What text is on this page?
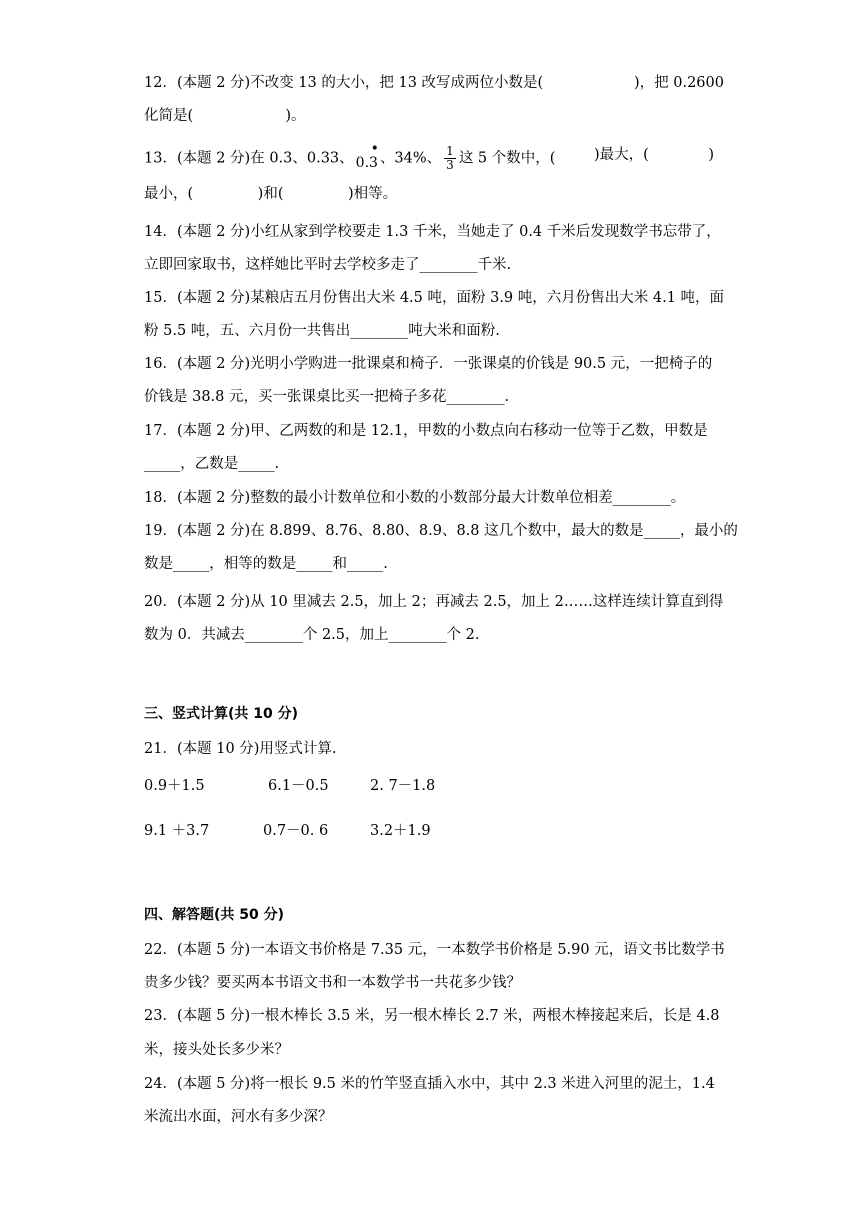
12．(本题 2 分)不改变 13 的大小，把 13 改写成两位小数是(	)，把 0.2600
化简是(                    )。
13．(本题 2 分)在 0.3、0.33、 0.3
•
、34%、 $\frac{1}{3}$ 这 5 个数中，(	)最大，(	)
最小，(              )和(              )相等。
14．(本题 2 分)小红从家到学校要走 1.3 千米，当她走了 0.4 千米后发现数学书忘带了，
立即回家取书，这样她比平时去学校多走了________千米.
15．(本题 2 分)某粮店五月份售出大米 4.5 吨，面粉 3.9 吨，六月份售出大米 4.1 吨，面
粉 5.5 吨，五、六月份一共售出________吨大米和面粉.
16．(本题 2 分)光明小学购进一批课桌和椅子．一张课桌的价钱是 90.5 元，一把椅子的
价钱是 38.8 元，买一张课桌比买一把椅子多花________.
17．(本题 2 分)甲、乙两数的和是 12.1，甲数的小数点向右移动一位等于乙数，甲数是
_____，乙数是_____.
18．(本题 2 分)整数的最小计数单位和小数的小数部分最大计数单位相差________。
19．(本题 2 分)在 8.899、8.76、8.80、8.9、8.8 这几个数中，最大的数是_____，最小的
数是_____，相等的数是_____和_____.
20．(本题 2 分)从 10 里减去 2.5，加上 2；再减去 2.5，加上 2……这样连续计算直到得
数为 0．共减去________个 2.5，加上________个 2.
三、竖式计算(共 10 分)
21．(本题 10 分)用竖式计算.
0.9＋1.5	6.1－0.5	2. 7－1.8
9.1 ＋3.7	0.7－0. 6	3.2＋1.9
四、解答题(共 50 分)
22．(本题 5 分)一本语文书价格是 7.35 元，一本数学书价格是 5.90 元，语文书比数学书
贵多少钱？要买两本书语文书和一本数学书一共花多少钱？
23．(本题 5 分)一根木棒长 3.5 米，另一根木棒长 2.7 米，两根木棒接起来后，长是 4.8
米，接头处长多少米？
24．(本题 5 分)将一根长 9.5 米的竹竿竖直插入水中，其中 2.3 米进入河里的泥土，1.4
米流出水面，河水有多少深？
